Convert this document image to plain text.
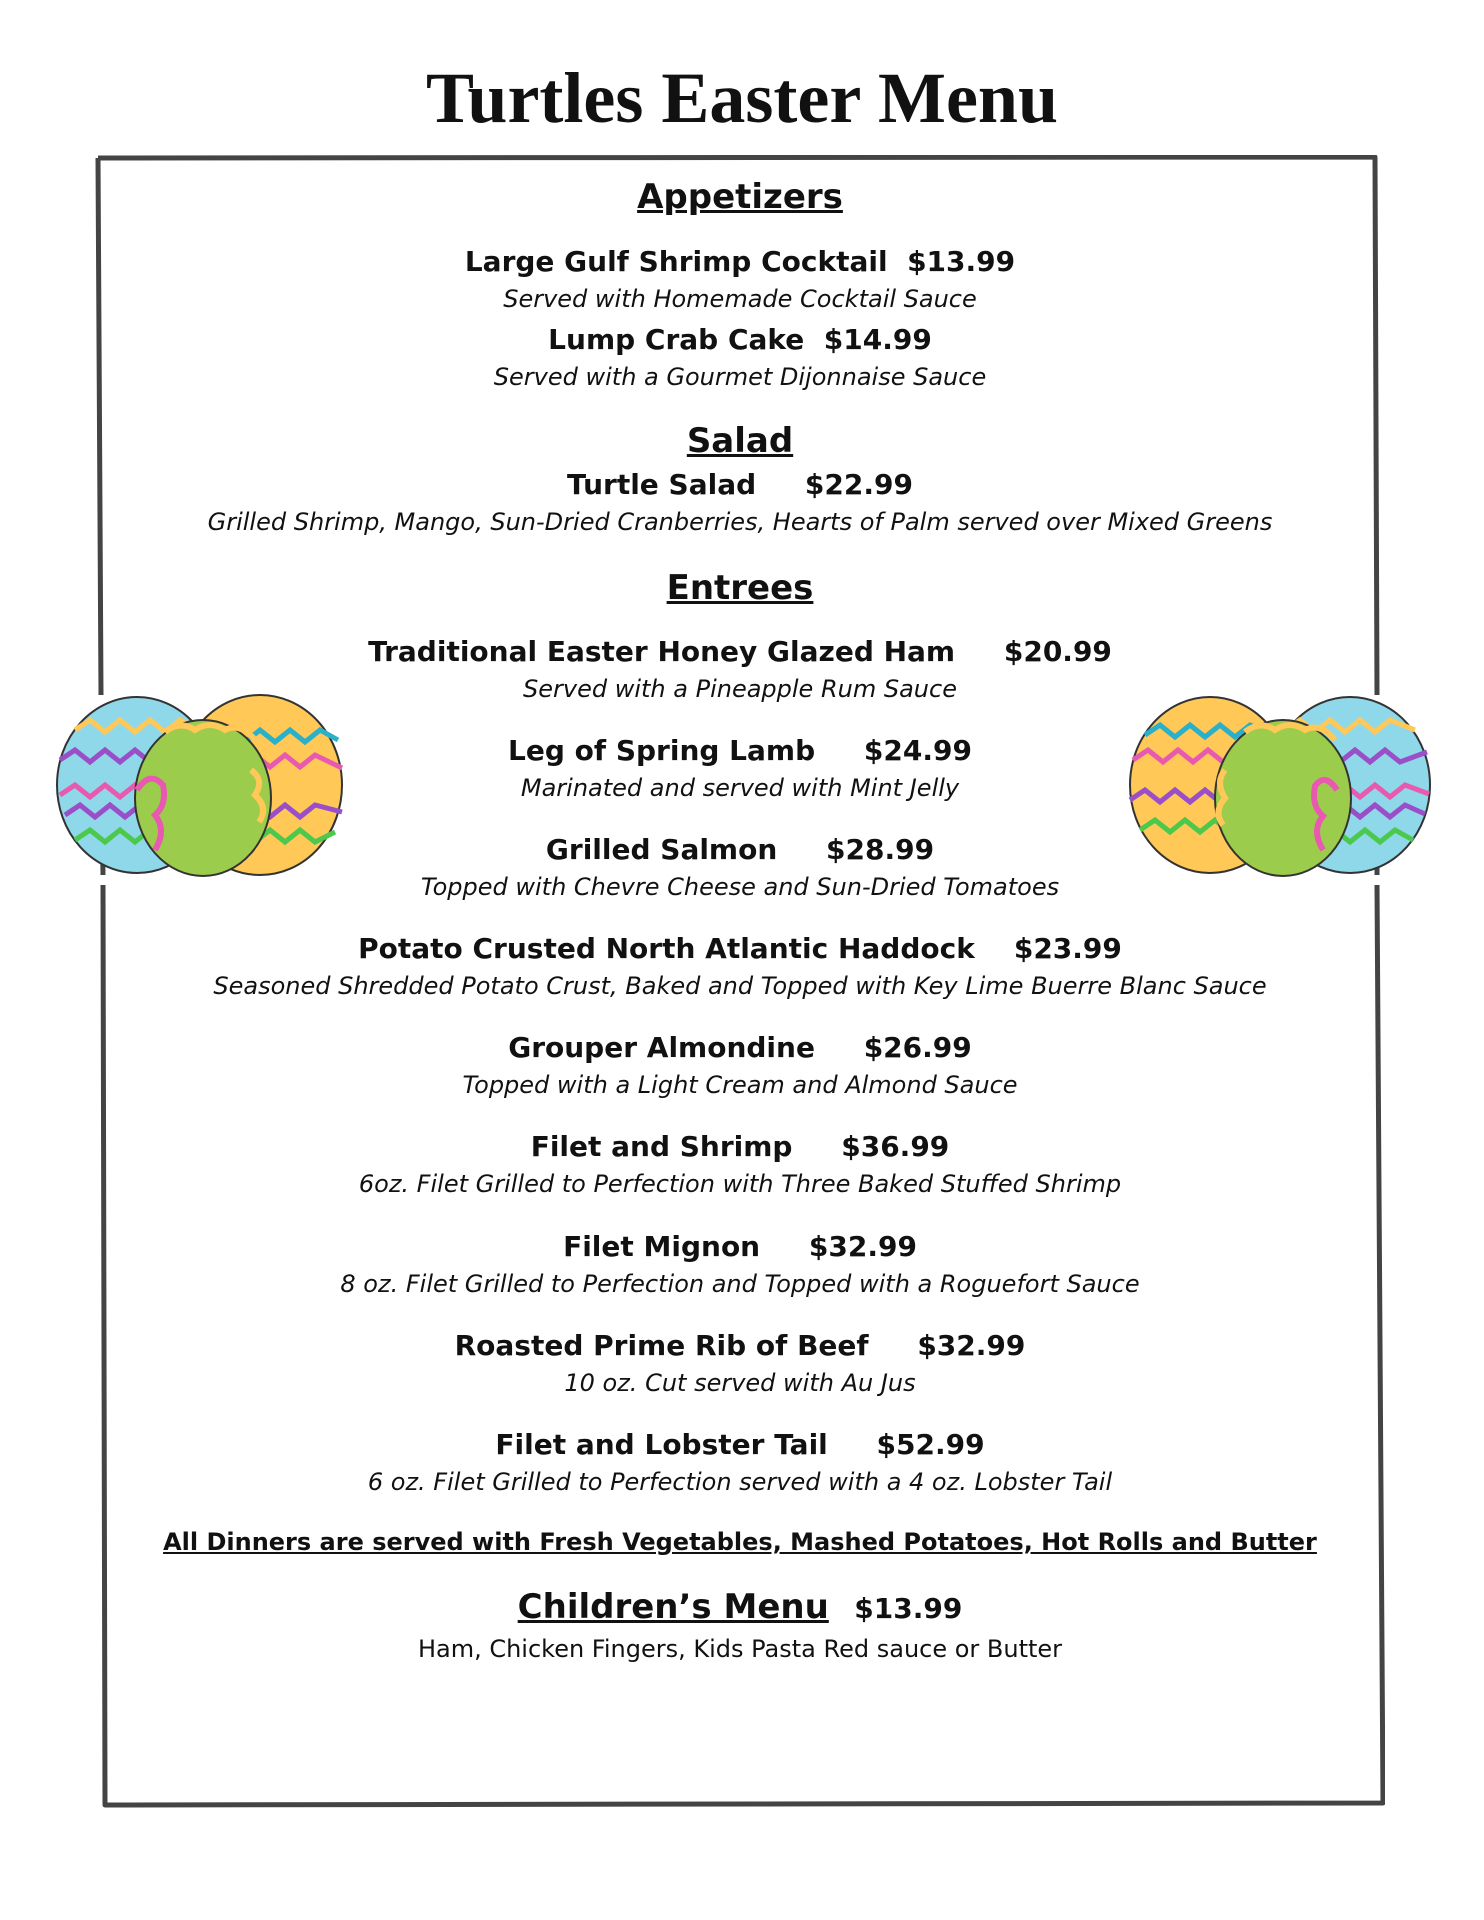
Turtles Easter Menu
Appetizers

Large Gulf Shrimp Cocktail $13.99

Served with Homemade Cocktail Sauce

Lump Crab Cake $14.99

Served with a Gourmet Dijonnaise Sauce

Salad

Turtle Salad $22.99

Grilled Shrimp, Mango, Sun-Dried Cranberries, Hearts of Palm served over Mixed Greens

Entrees

Traditional Easter Honey Glazed Ham $20.99

Served with a Pineapple Rum Sauce

Leg of Spring Lamb $24.99

Marinated and served with Mint Jelly

Grilled Salmon $28.99

Topped with Chevre Cheese and Sun-Dried Tomatoes

Potato Crusted North Atlantic Haddock $23.99

Seasoned Shredded Potato Crust, Baked and Topped with Key Lime Buerre Blanc Sauce

Grouper Almondine $26.99

Topped with a Light Cream and Almond Sauce

Filet and Shrimp $36.99

6oz. Filet Grilled to Perfection with Three Baked Stuffed Shrimp

Filet Mignon $32.99

8 oz. Filet Grilled to Perfection and Topped with a Roguefort Sauce

Roasted Prime Rib of Beef $32.99

10 oz. Cut served with Au Jus

Filet and Lobster Tail $52.99

6 oz. Filet Grilled to Perfection served with a 4 oz. Lobster Tail

All Dinners are served with Fresh Vegetables, Mashed Potatoes, Hot Rolls and Butter

Children’s Menu $13.99

Ham, Chicken Fingers, Kids Pasta Red sauce or Butter
